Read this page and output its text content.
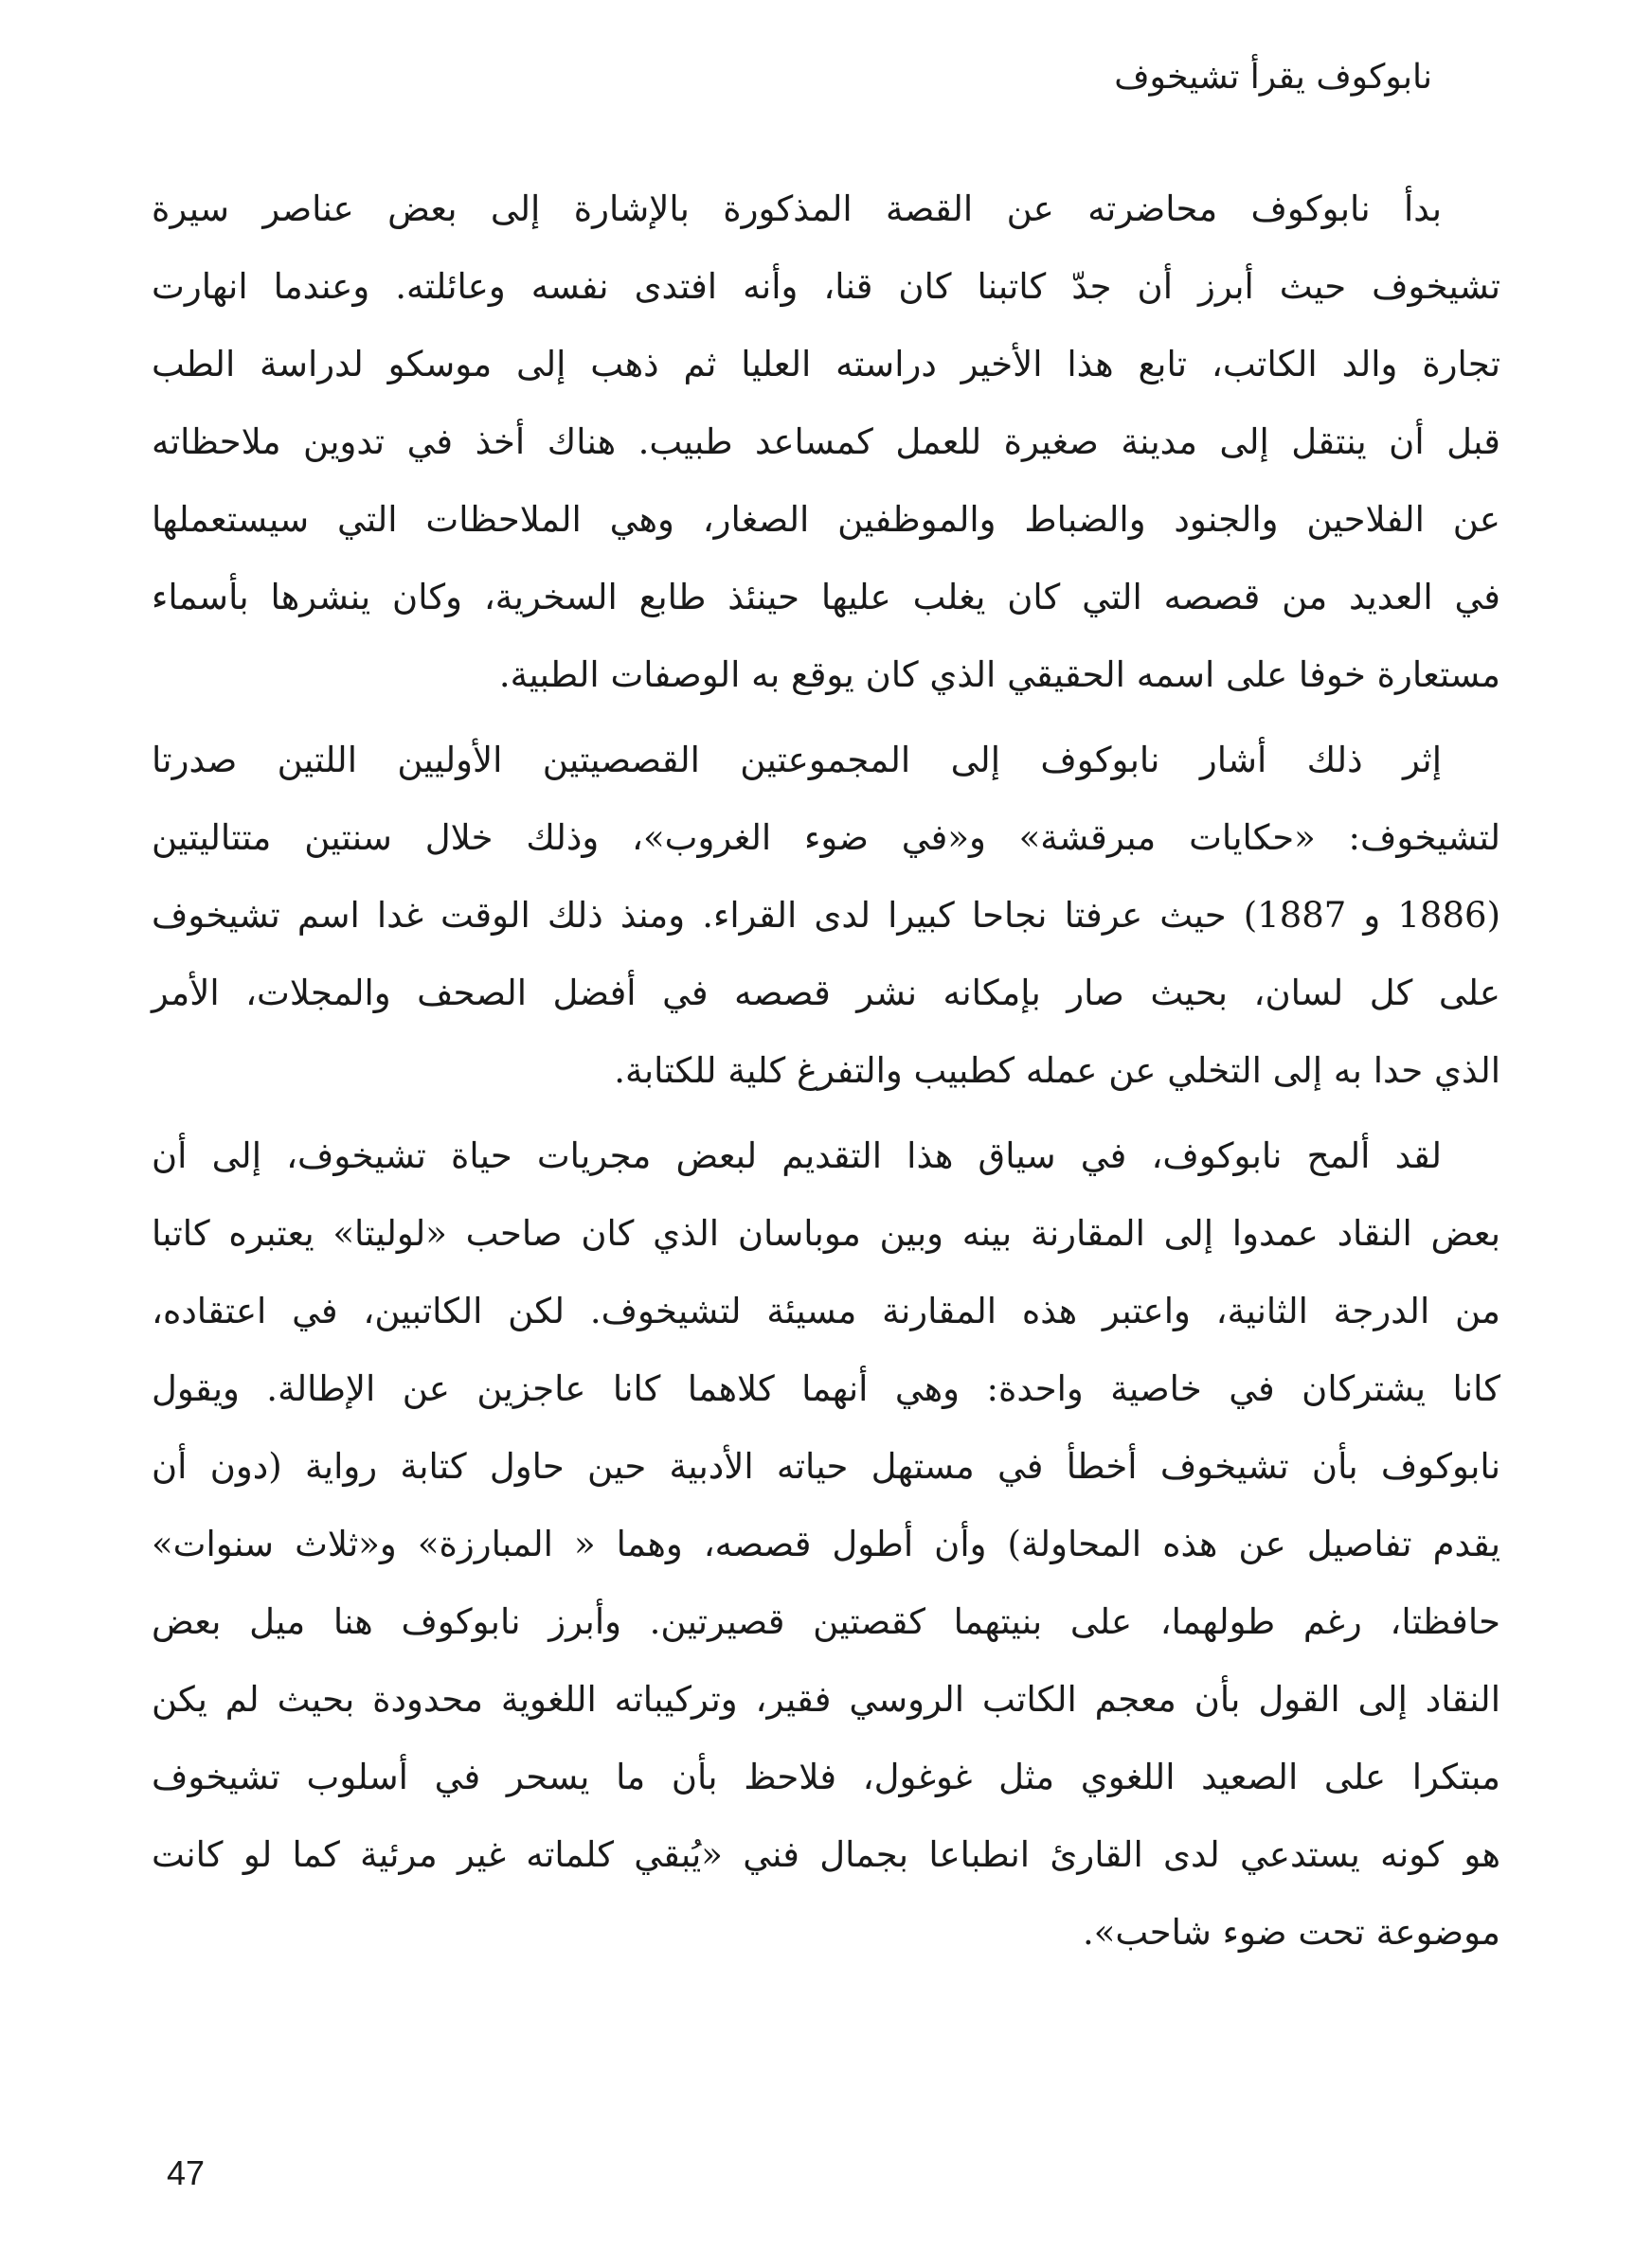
نابوكوف يقرأ تشيخوف
بدأ نابوكوف محاضرته عن القصة المذكورة بالإشارة إلى بعض عناصر سيرة
تشيخوف حيث أبرز أن جدّ كاتبنا كان قنا، وأنه افتدى نفسه وعائلته. وعندما انهارت
تجارة والد الكاتب، تابع هذا الأخير دراسته العليا ثم ذهب إلى موسكو لدراسة الطب
قبل أن ينتقل إلى مدينة صغيرة للعمل كمساعد طبيب. هناك أخذ في تدوين ملاحظاته
عن الفلاحين والجنود والضباط والموظفين الصغار، وهي الملاحظات التي سيستعملها
في العديد من قصصه التي كان يغلب عليها حينئذ طابع السخرية، وكان ينشرها بأسماء
مستعارة خوفا على اسمه الحقيقي الذي كان يوقع به الوصفات الطبية.
إثر ذلك أشار نابوكوف إلى المجموعتين القصصيتين الأوليين اللتين صدرتا
لتشيخوف: «حكايات مبرقشة» و«في ضوء الغروب»، وذلك خلال سنتين متتاليتين
(1886 و 1887) حيث عرفتا نجاحا كبيرا لدى القراء. ومنذ ذلك الوقت غدا اسم تشيخوف
على كل لسان، بحيث صار بإمكانه نشر قصصه في أفضل الصحف والمجلات، الأمر
الذي حدا به إلى التخلي عن عمله كطبيب والتفرغ كلية للكتابة.
لقد ألمح نابوكوف، في سياق هذا التقديم لبعض مجريات حياة تشيخوف، إلى أن
بعض النقاد عمدوا إلى المقارنة بينه وبين موباسان الذي كان صاحب «لوليتا» يعتبره كاتبا
من الدرجة الثانية، واعتبر هذه المقارنة مسيئة لتشيخوف. لكن الكاتبين، في اعتقاده،
كانا يشتركان في خاصية واحدة: وهي أنهما كلاهما كانا عاجزين عن الإطالة. ويقول
نابوكوف بأن تشيخوف أخطأ في مستهل حياته الأدبية حين حاول كتابة رواية (دون أن
يقدم تفاصيل عن هذه المحاولة) وأن أطول قصصه، وهما « المبارزة» و«ثلاث سنوات»
حافظتا، رغم طولهما، على بنيتهما كقصتين قصيرتين. وأبرز نابوكوف هنا ميل بعض
النقاد إلى القول بأن معجم الكاتب الروسي فقير، وتركيباته اللغوية محدودة بحيث لم يكن
مبتكرا على الصعيد اللغوي مثل غوغول، فلاحظ بأن ما يسحر في أسلوب تشيخوف
هو كونه يستدعي لدى القارئ انطباعا بجمال فني «يُبقي كلماته غير مرئية كما لو كانت
موضوعة تحت ضوء شاحب».
47
